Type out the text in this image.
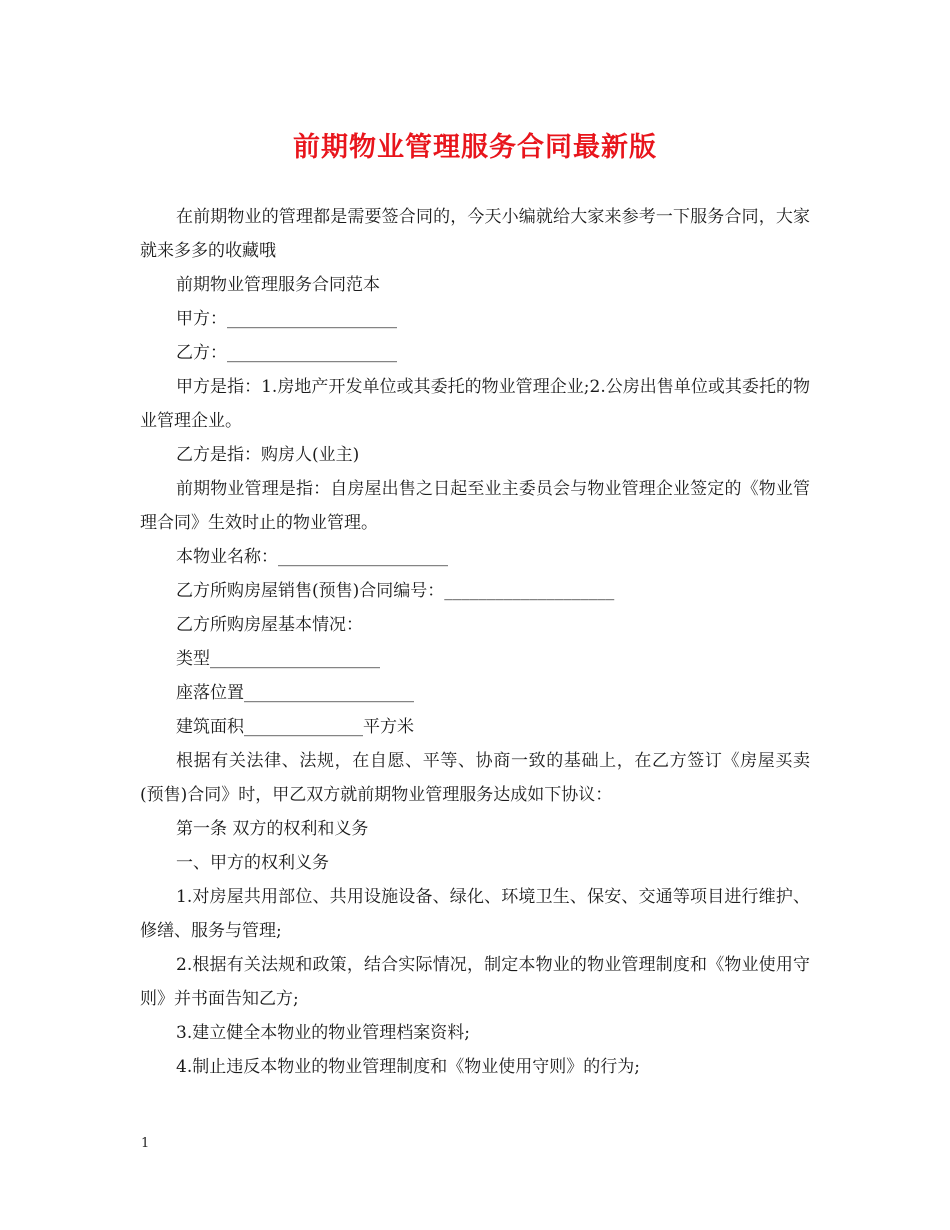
前期物业管理服务合同最新版

在前期物业的管理都是需要签合同的，今天小编就给大家来参考一下服务合同，大家就来多多的收藏哦

前期物业管理服务合同范本

甲方：____________________

乙方：____________________

甲方是指：1.房地产开发单位或其委托的物业管理企业;2.公房出售单位或其委托的物业管理企业。

乙方是指：购房人(业主)

前期物业管理是指：自房屋出售之日起至业主委员会与物业管理企业签定的《物业管理合同》生效时止的物业管理。

本物业名称：____________________

乙方所购房屋销售(预售)合同编号：____________________

乙方所购房屋基本情况：

类型____________________

座落位置____________________

建筑面积______________平方米

根据有关法律、法规，在自愿、平等、协商一致的基础上，在乙方签订《房屋买卖(预售)合同》时，甲乙双方就前期物业管理服务达成如下协议：

第一条 双方的权利和义务

一、甲方的权利义务

1.对房屋共用部位、共用设施设备、绿化、环境卫生、保安、交通等项目进行维护、修缮、服务与管理;

2.根据有关法规和政策，结合实际情况，制定本物业的物业管理制度和《物业使用守则》并书面告知乙方;

3.建立健全本物业的物业管理档案资料;

4.制止违反本物业的物业管理制度和《物业使用守则》的行为;

1
